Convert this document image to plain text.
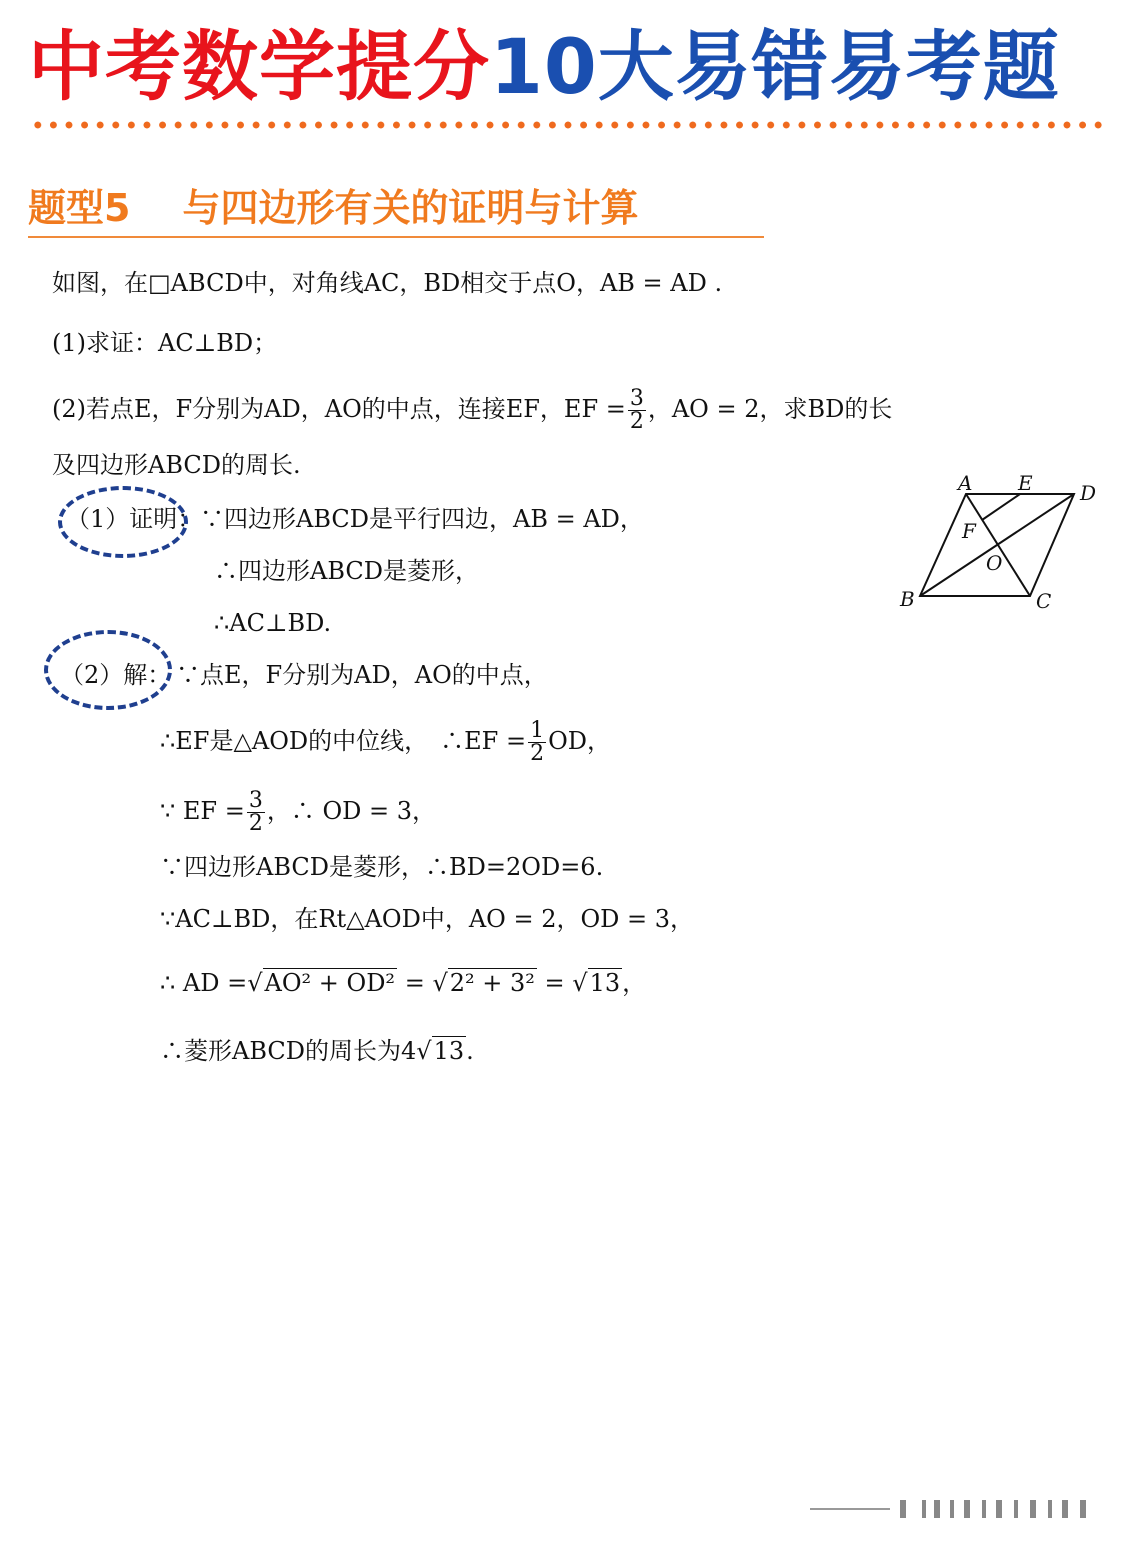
中考数学提分10大易错易考题
题型5 与四边形有关的证明与计算
如图，在□ABCD中，对角线AC，BD相交于点O，AB = AD .
(1)求证：AC⊥BD；
(2)若点E，F分别为AD，AO的中点，连接EF，EF = $\frac{3}{2}$ ，AO = 2，求BD的长
及四边形ABCD的周长.
（1）证明：
∵四边形ABCD是平行四边，AB = AD，
∴四边形ABCD是菱形，
∴AC⊥BD.
（2）解： ∵点E，F分别为AD，AO的中点，
∴EF是△AOD的中位线，　∴EF = $\frac{1}{2}$ OD，
∵ EF = $\frac{3}{2}$ ，∴ OD = 3，
∵四边形ABCD是菱形，∴BD=2OD=6.
∵AC⊥BD，在Rt△AOD中，AO = 2，OD = 3，
∴ AD =√AO² + OD² = √2² + 3² = √13，
∴菱形ABCD的周长为4√13.
A E D
F
O
B	C
